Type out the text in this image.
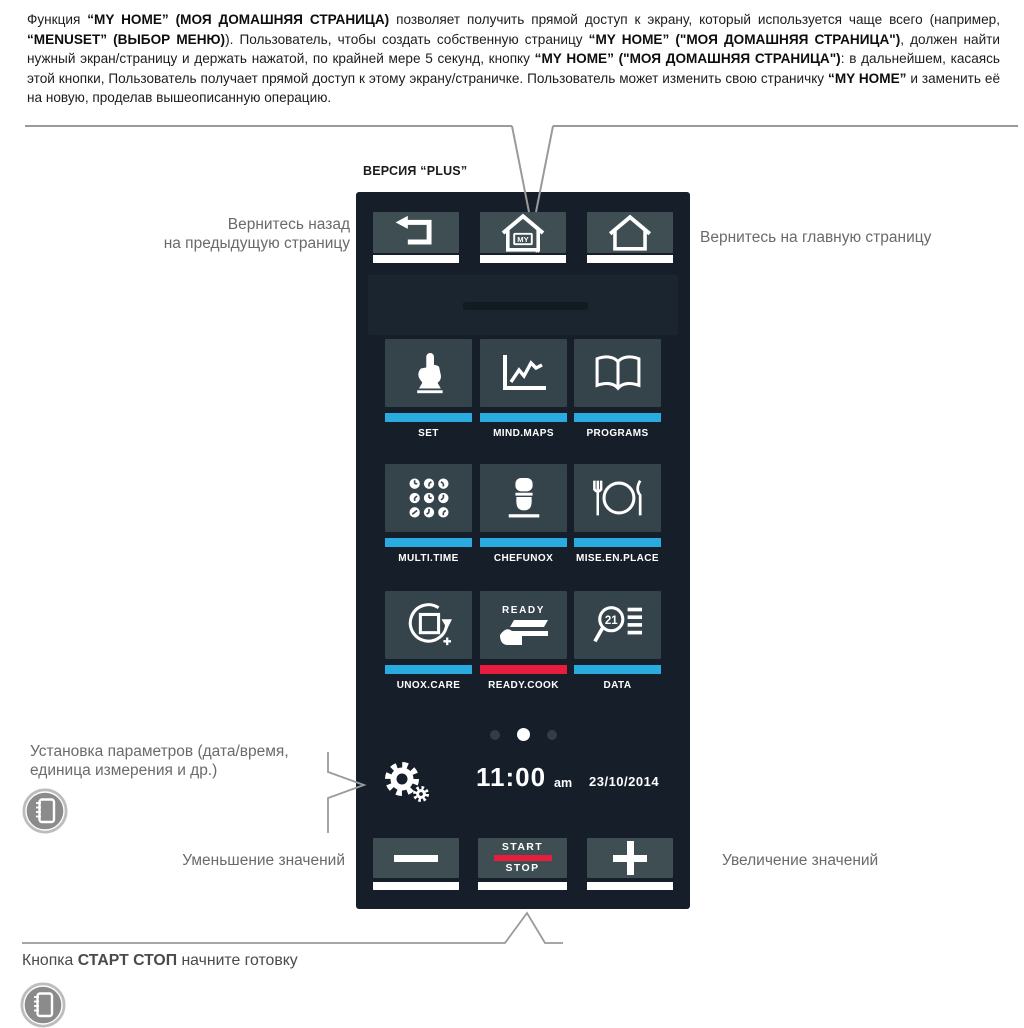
Функция “MY HOME” (МОЯ ДОМАШНЯЯ СТРАНИЦА) позволяет получить прямой доступ к экрану, который используется чаще всего (например, “MENUSET” (ВЫБОР МЕНЮ)). Пользователь, чтобы создать собственную страницу “MY HOME” ("МОЯ ДОМАШНЯЯ СТРАНИЦА"), должен найти нужный экран/страницу и держать нажатой, по крайней мере 5 секунд, кнопку “MY HOME” ("МОЯ ДОМАШНЯЯ СТРАНИЦА"): в дальнейшем, касаясь этой кнопки, Пользователь получает прямой доступ к этому экрану/страничке. Пользователь может изменить свою страничку “MY HOME” и заменить её на новую, проделав вышеописанную операцию.

ВЕРСИЯ “PLUS”
Вернитесь назад
на предыдущую страницу	Вернитесь на главную страницу
Установка параметров (дата/время,
единица измерения и др.)
Уменьшение значений	Увеличение значений
Кнопка СТАРТ СТОП начните готовку
MY
★
SET	MIND.MAPS	PROGRAMS
MULTI.TIME	CHEFUNOX	MISE.EN.PLACE
UNOX.CARE
READY
READY.COOK
21
DATA
11:00 am 23/10/2014
START
STOP
